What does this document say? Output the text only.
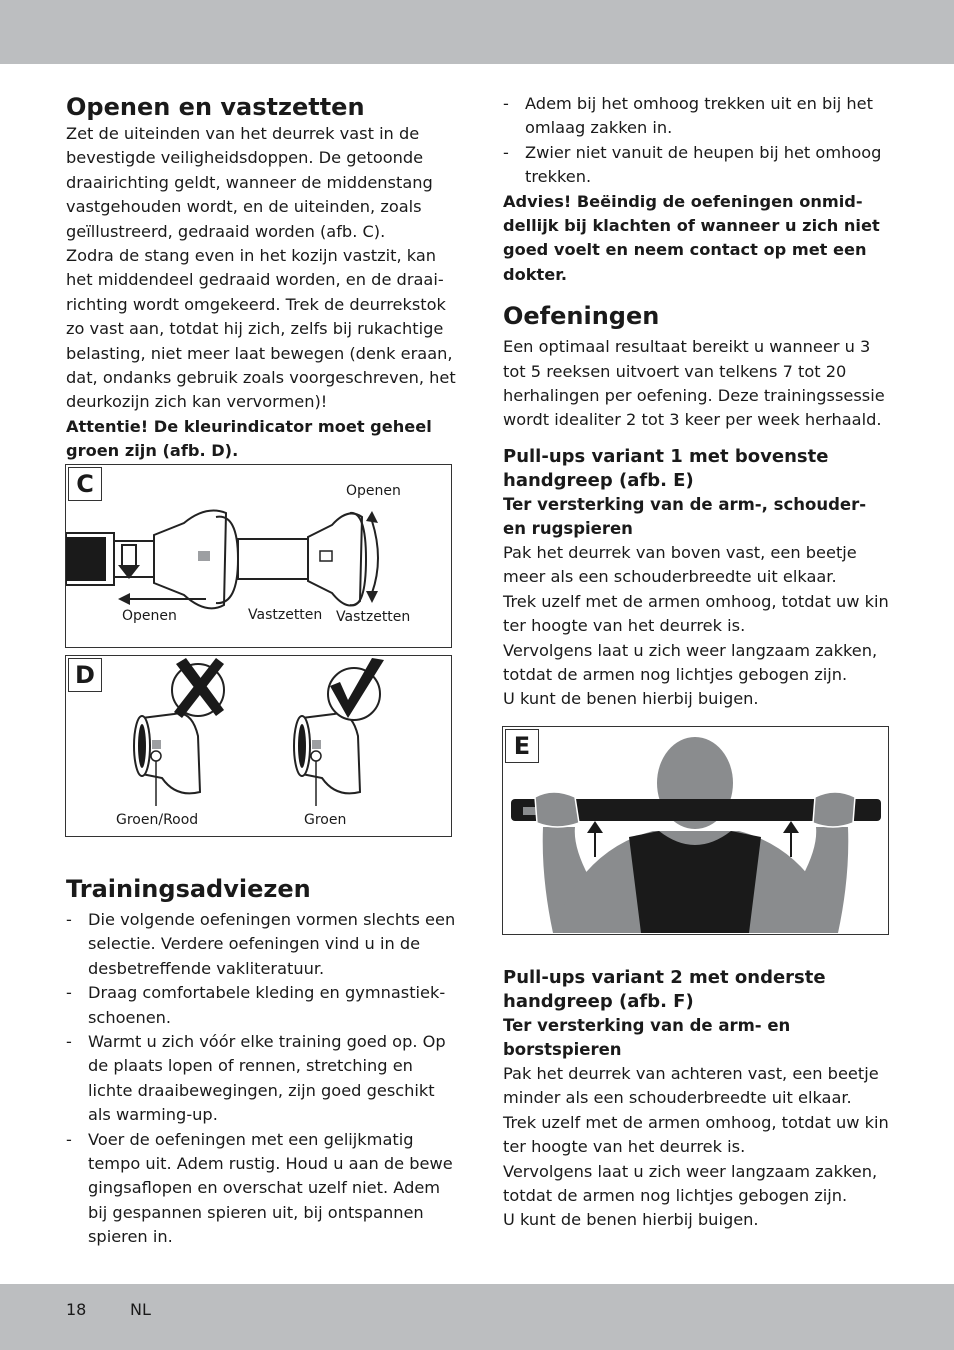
Openen en vastzetten

Zet de uiteinden van het deurrek vast in de bevestigde veiligheidsdoppen. De getoonde draairichting geldt, wanneer de middenstang vastgehouden wordt, en de uiteinden, zoals geïllustreerd, gedraaid worden (afb. C).

Zodra de stang even in het kozijn vastzit, kan het middendeel gedraaid worden, en de draairichting wordt omgekeerd. Trek de deurrekstok zo vast aan, totdat hij zich, zelfs bij rukachtige belasting, niet meer laat bewegen (denk eraan, dat, ondanks gebruik zoals voorgeschreven, het deurkozijn zich kan vervormen)!

Attentie! De kleurindicator moet geheel groen zijn (afb. D).

C	Openen
Openen	Vastzetten Vastzetten
D
Groen/Rood	Groen
Trainingsadviezen
- Die volgende oefeningen vormen slechts een selectie. Verdere oefeningen vind u in de desbetreffende vakliteratuur.
- Draag comfortabele kleding en gymnastiekschoenen.
- Warmt u zich vóór elke training goed op. Op de plaats lopen of rennen, stretching en lichte draaibewegingen, zijn goed geschikt als warming-up.
- Voer de oefeningen met een gelijkmatig tempo uit. Adem rustig. Houd u aan de bewe gingsaflopen en overschat uzelf niet. Adem bij gespannen spieren uit, bij ontspannen spieren in.
- Adem bij het omhoog trekken uit en bij het omlaag zakken in.
- Zwier niet vanuit de heupen bij het omhoog trekken.

Advies! Beëindig de oefeningen onmiddellijk bij klachten of wanneer u zich niet goed voelt en neem contact op met een dokter.

Oefeningen

Een optimaal resultaat bereikt u wanneer u 3 tot 5 reeksen uitvoert van telkens 7 tot 20 herhalingen per oefening. Deze trainingssessie wordt idealiter 2 tot 3 keer per week herhaald.

Pull-ups variant 1 met bovenste handgreep (afb. E)
Ter versterking van de arm-, schouder- en rugspieren

Pak het deurrek van boven vast, een beetje meer als een schouderbreedte uit elkaar.

Trek uzelf met de armen omhoog, totdat uw kin ter hoogte van het deurrek is.

Vervolgens laat u zich weer langzaam zakken, totdat de armen nog lichtjes gebogen zijn.

U kunt de benen hierbij buigen.

E
Pull-ups variant 2 met onderste handgreep (afb. F)
Ter versterking van de arm- en borstspieren

Pak het deurrek van achteren vast, een beetje minder als een schouderbreedte uit elkaar.

Trek uzelf met de armen omhoog, totdat uw kin ter hoogte van het deurrek is.

Vervolgens laat u zich weer langzaam zakken, totdat de armen nog lichtjes gebogen zijn.

U kunt de benen hierbij buigen.

18	NL
